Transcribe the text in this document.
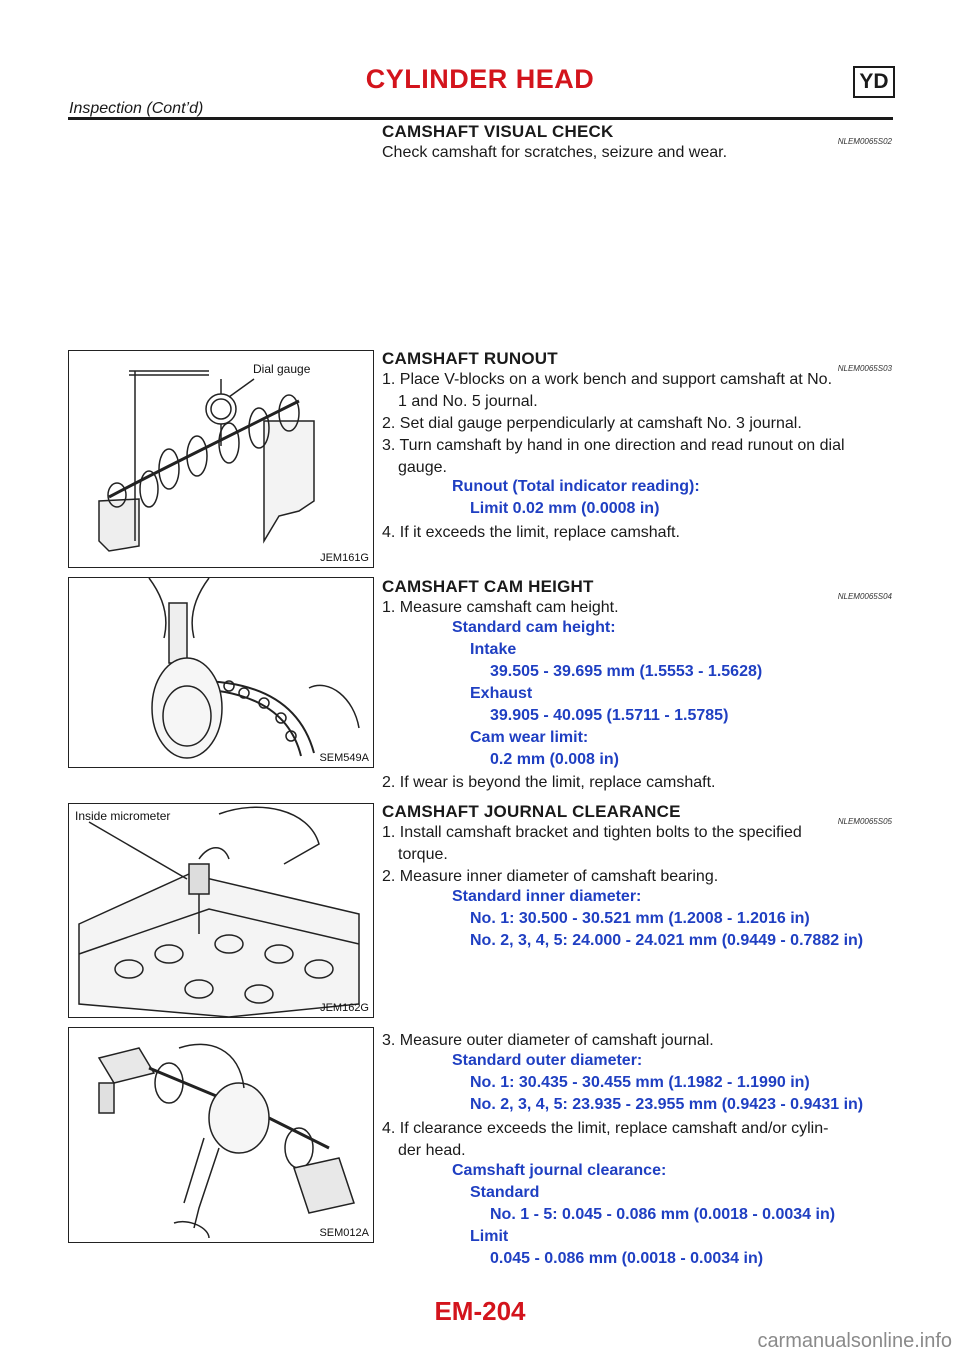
CYLINDER HEAD	YD
Inspection (Cont’d)
CAMSHAFT VISUAL CHECK
NLEM0065S02
Check camshaft for scratches, seizure and wear.
Dial gauge
JEM161G
SEM549A
Inside micrometer
JEM162G
SEM012A
CAMSHAFT RUNOUT
NLEM0065S03
1. Place V-blocks on a work bench and support camshaft at No.
1 and No. 5 journal.
2. Set dial gauge perpendicularly at camshaft No. 3 journal.
3. Turn camshaft by hand in one direction and read runout on dial
gauge.
Runout (Total indicator reading):
Limit 0.02 mm (0.0008 in)
4. If it exceeds the limit, replace camshaft.
CAMSHAFT CAM HEIGHT
NLEM0065S04
1. Measure camshaft cam height.
Standard cam height:
Intake
39.505 - 39.695 mm (1.5553 - 1.5628)
Exhaust
39.905 - 40.095 (1.5711 - 1.5785)
Cam wear limit:
0.2 mm (0.008 in)
2. If wear is beyond the limit, replace camshaft.
CAMSHAFT JOURNAL CLEARANCE
NLEM0065S05
1. Install camshaft bracket and tighten bolts to the specified
torque.
2. Measure inner diameter of camshaft bearing.
Standard inner diameter:
No. 1: 30.500 - 30.521 mm (1.2008 - 1.2016 in)
No. 2, 3, 4, 5: 24.000 - 24.021 mm (0.9449 - 0.7882 in)
3. Measure outer diameter of camshaft journal.
Standard outer diameter:
No. 1: 30.435 - 30.455 mm (1.1982 - 1.1990 in)
No. 2, 3, 4, 5: 23.935 - 23.955 mm (0.9423 - 0.9431 in)
4. If clearance exceeds the limit, replace camshaft and/or cylin-
der head.
Camshaft journal clearance:
Standard
No. 1 - 5: 0.045 - 0.086 mm (0.0018 - 0.0034 in)
Limit
0.045 - 0.086 mm (0.0018 - 0.0034 in)
EM-204
carmanualsonline.info
